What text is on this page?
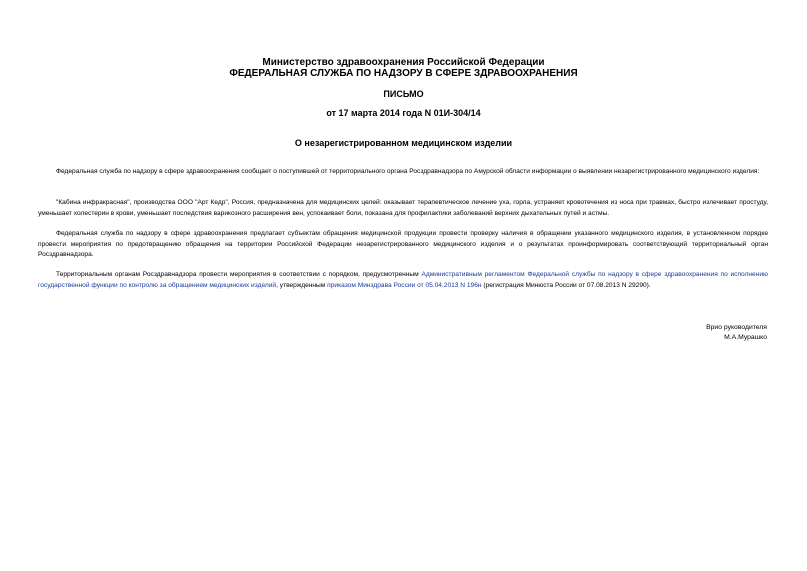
Министерство здравоохранения Российской Федерации
ФЕДЕРАЛЬНАЯ СЛУЖБА ПО НАДЗОРУ В СФЕРЕ ЗДРАВООХРАНЕНИЯ
ПИСЬМО
от 17 марта 2014 года N 01И-304/14
О незарегистрированном медицинском изделии

Федеральная служба по надзору в сфере здравоохранения сообщает о поступившей от территориального органа Росздравнадзора по Амурской области информации о выявлении незарегистрированного медицинского изделия:

"Кабина инфракрасная", производства ООО "Арт Кедр", Россия, предназначена для медицинских целей: оказывает терапевтическое лечение уха, горла, устраняет кровотечения из носа при травмах, быстро излечивает простуду, уменьшает холестерин в крови, уменьшает последствия варикозного расширения вен, успокаивает боли, показана для профилактики заболеваний верхних дыхательных путей и астмы.

Федеральная служба по надзору в сфере здравоохранения предлагает субъектам обращения медицинской продукции провести проверку наличия в обращении указанного медицинского изделия, в установленном порядке провести мероприятия по предотвращению обращения на территории Российской Федерации незарегистрированного медицинского изделия и о результатах проинформировать соответствующий территориальный орган Росздравнадзора.

Территориальным органам Росздравнадзора провести мероприятия в соответствии с порядком, предусмотренным Административным регламентом Федеральной службы по надзору в сфере здравоохранения по исполнению государственной функции по контролю за обращением медицинских изделий, утвержденным приказом Минздрава России от 05.04.2013 N 196н (регистрация Минюста России от 07.08.2013 N 29290).

Врио руководителя
М.А.Мурашко
